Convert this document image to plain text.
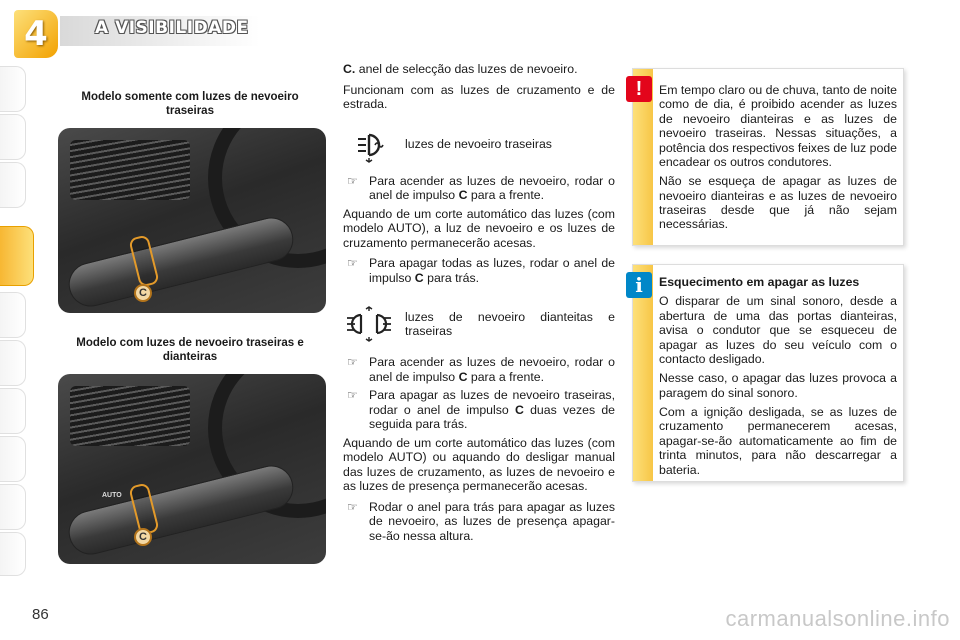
4	A VISIBILIDADE
Modelo somente com luzes de nevoeiro traseiras
C
Modelo com luzes de nevoeiro traseiras e dianteiras
AUTO
C

C. anel de selecção das luzes de nevoeiro.

Funcionam com as luzes de cruzamento e de estrada.

luzes de nevoeiro traseiras
☞ Para acender as luzes de nevoeiro, rodar o anel de impulso C para a frente.

Aquando de um corte automático das luzes (com modelo AUTO), a luz de nevoeiro e os luzes de cruzamento permanecerão acesas.

☞ Para apagar todas as luzes, rodar o anel de impulso C para trás.
luzes de nevoeiro dianteitas e traseiras
☞ Para acender as luzes de nevoeiro, rodar o anel de impulso C para a frente.
☞ Para apagar as luzes de nevoeiro traseiras, rodar o anel de impulso C duas vezes de seguida para trás.

Aquando de um corte automático das luzes (com modelo AUTO) ou aquando do desligar manual das luzes de cruzamento, as luzes de nevoeiro e as luzes de presença permanecerão acesas.

☞ Rodar o anel para trás para apagar as luzes de nevoeiro, as luzes de presença apagar-se-ão nessa altura.

Em tempo claro ou de chuva, tanto de noite como de dia, é proibido acender as luzes de nevoeiro dianteiras e as luzes de nevoeiro traseiras. Nessas situações, a potência dos respectivos feixes de luz pode encadear os outros condutores.

Não se esqueça de apagar as luzes de nevoeiro dianteiras e as luzes de nevoeiro traseiras desde que já não sejam necessárias.

!
Esquecimento em apagar as luzes

O disparar de um sinal sonoro, desde a abertura de uma das portas dianteiras, avisa o condutor que se esqueceu de apagar as luzes do seu veículo com o contacto desligado.

Nesse caso, o apagar das luzes provoca a paragem do sinal sonoro.

Com a ignição desligada, se as luzes de cruzamento permanecerem acesas, apagar-se-ão automaticamente ao fim de trinta minutos, para não descarregar a bateria.

i
86	carmanualsonline.info
